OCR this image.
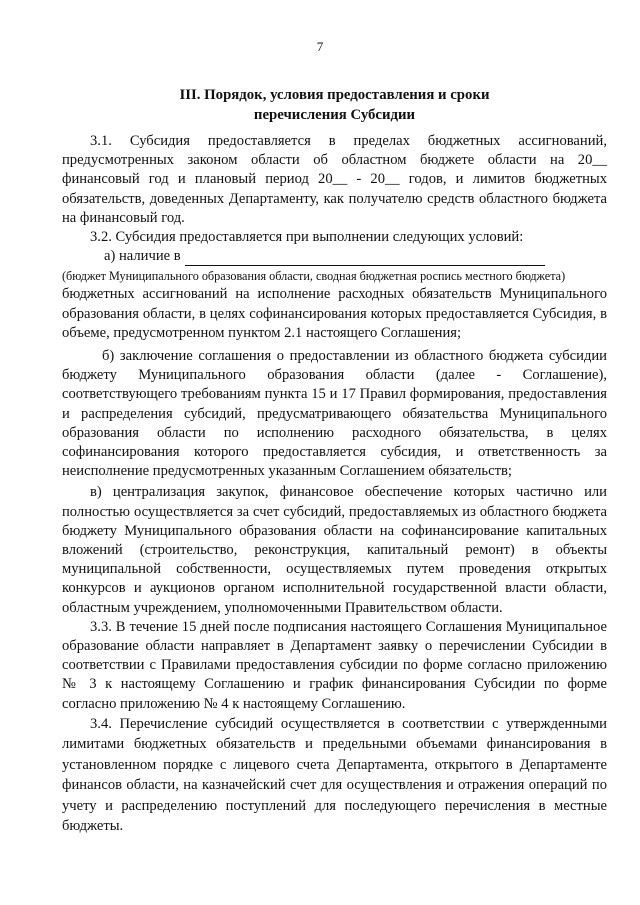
7
III. Порядок, условия предоставления и сроки
перечисления Субсидии

3.1. Субсидия предоставляется в пределах бюджетных ассигнований, предусмотренных законом области об областном бюджете области на 20__ финансовый год и плановый период 20__ - 20__ годов, и лимитов бюджетных обязательств, доведенных Департаменту, как получателю средств областного бюджета на финансовый год.

3.2. Субсидия предоставляется при выполнении следующих условий:

а) наличие в

(бюджет Муниципального образования области, сводная бюджетная роспись местного бюджета)

бюджетных ассигнований на исполнение расходных обязательств Муниципального образования области, в целях софинансирования которых предоставляется Субсидия, в объеме, предусмотренном пунктом 2.1 настоящего Соглашения;

б) заключение соглашения о предоставлении из областного бюджета субсидии бюджету Муниципального образования области (далее - Соглашение), соответствующего требованиям пункта 15 и 17 Правил формирования, предоставления и распределения субсидий, предусматривающего обязательства Муниципального образования области по исполнению расходного обязательства, в целях софинансирования которого предоставляется субсидия, и ответственность за неисполнение предусмотренных указанным Соглашением обязательств;

в) централизация закупок, финансовое обеспечение которых частично или полностью осуществляется за счет субсидий, предоставляемых из областного бюджета бюджету Муниципального образования области на софинансирование капитальных вложений (строительство, реконструкция, капитальный ремонт) в объекты муниципальной собственности, осуществляемых путем проведения открытых конкурсов и аукционов органом исполнительной государственной власти области, областным учреждением, уполномоченными Правительством области.

3.3. В течение 15 дней после подписания настоящего Соглашения Муниципальное образование области направляет в Департамент заявку о перечислении Субсидии в соответствии с Правилами предоставления субсидии по форме согласно приложению № 3 к настоящему Соглашению и график финансирования Субсидии по форме согласно приложению № 4 к настоящему Соглашению.

3.4. Перечисление субсидий осуществляется в соответствии с утвержденными лимитами бюджетных обязательств и предельными объемами финансирования в установленном порядке с лицевого счета Департамента, открытого в Департаменте финансов области, на казначейский счет для осуществления и отражения операций по учету и распределению поступлений для последующего перечисления в местные бюджеты.
